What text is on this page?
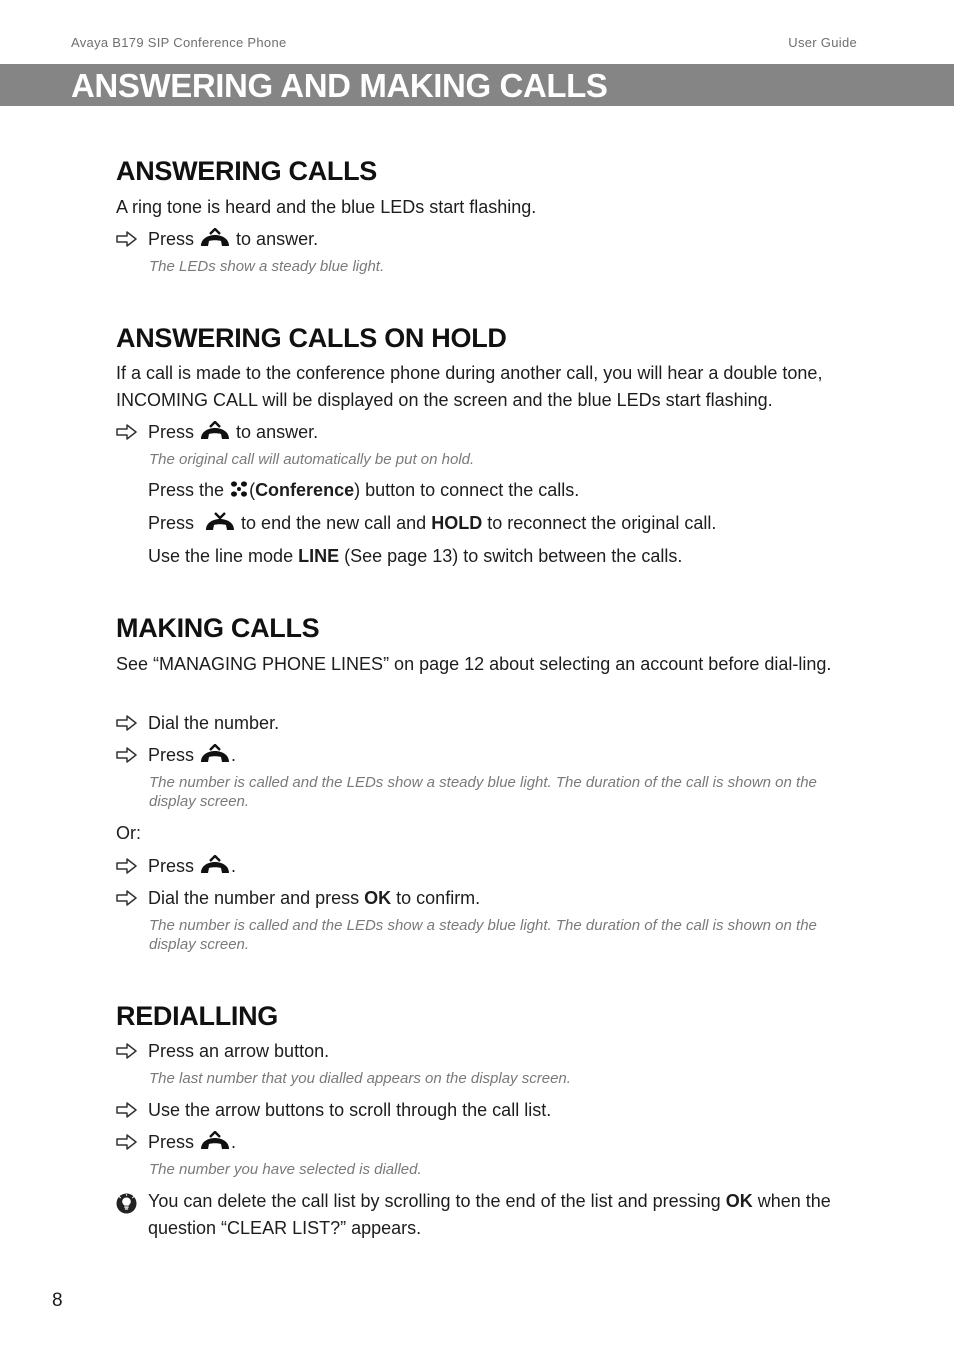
Avaya B179 SIP Conference Phone	User Guide
ANSWERING AND MAKING CALLS
ANSWERING CALLS

A ring tone is heard and the blue LEDs start flashing.

Press to answer.

The LEDs show a steady blue light.

ANSWERING CALLS ON HOLD

If a call is made to the conference phone during another call, you will hear a double tone, INCOMING CALL will be displayed on the screen and the blue LEDs start flashing.

Press to answer.

The original call will automatically be put on hold.

Press the (Conference) button to connect the calls.
Press	to end the new call and HOLD to reconnect the original call.
Use the line mode LINE (See page 13) to switch between the calls.
MAKING CALLS

See “MANAGING PHONE LINES” on page 12 about selecting an account before dial-ling.

Dial the number.
Press .

The number is called and the LEDs show a steady blue light. The duration of the call is shown on the display screen.

Or:

Press .
Dial the number and press OK to confirm.

The number is called and the LEDs show a steady blue light. The duration of the call is shown on the display screen.

REDIALLING
Press an arrow button.

The last number that you dialled appears on the display screen.

Use the arrow buttons to scroll through the call list.
Press .

The number you have selected is dialled.

You can delete the call list by scrolling to the end of the list and pressing OK when the question “CLEAR LIST?” appears.

8
